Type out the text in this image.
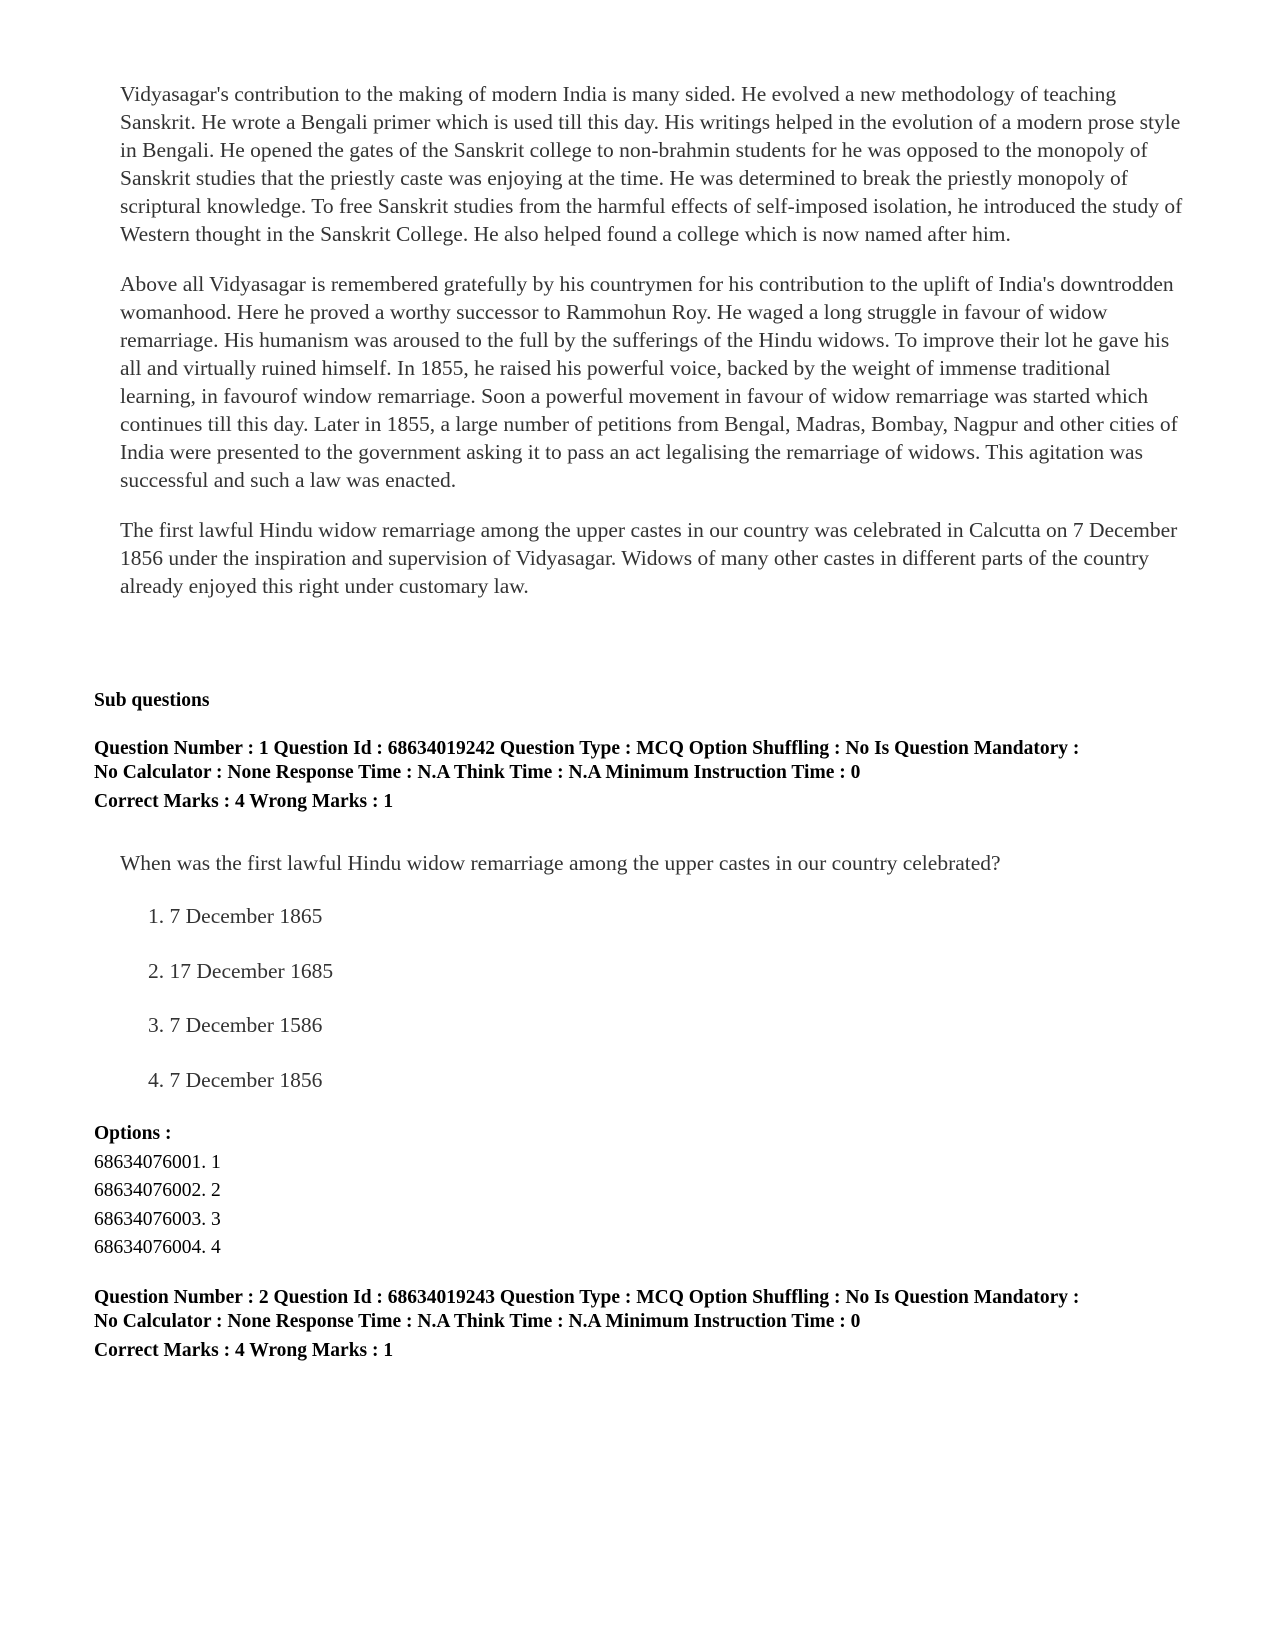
Vidyasagar's contribution to the making of modern India is many sided. He evolved a new methodology of teaching Sanskrit. He wrote a Bengali primer which is used till this day. His writings helped in the evolution of a modern prose style in Bengali. He opened the gates of the Sanskrit college to non-brahmin students for he was opposed to the monopoly of Sanskrit studies that the priestly caste was enjoying at the time. He was determined to break the priestly monopoly of scriptural knowledge. To free Sanskrit studies from the harmful effects of self-imposed isolation, he introduced the study of Western thought in the Sanskrit College. He also helped found a college which is now named after him.

Above all Vidyasagar is remembered gratefully by his countrymen for his contribution to the uplift of India's downtrodden womanhood. Here he proved a worthy successor to Rammohun Roy. He waged a long struggle in favour of widow remarriage. His humanism was aroused to the full by the sufferings of the Hindu widows. To improve their lot he gave his all and virtually ruined himself. In 1855, he raised his powerful voice, backed by the weight of immense traditional learning, in favourof window remarriage. Soon a powerful movement in favour of widow remarriage was started which continues till this day. Later in 1855, a large number of petitions from Bengal, Madras, Bombay, Nagpur and other cities of India were presented to the government asking it to pass an act legalising the remarriage of widows. This agitation was successful and such a law was enacted.

The first lawful Hindu widow remarriage among the upper castes in our country was celebrated in Calcutta on 7 December 1856 under the inspiration and supervision of Vidyasagar. Widows of many other castes in different parts of the country already enjoyed this right under customary law.

Sub questions
Question Number : 1 Question Id : 68634019242 Question Type : MCQ Option Shuffling : No Is Question Mandatory :
No Calculator : None Response Time : N.A Think Time : N.A Minimum Instruction Time : 0
Correct Marks : 4 Wrong Marks : 1
When was the first lawful Hindu widow remarriage among the upper castes in our country celebrated?
1. 7 December 1865
2. 17 December 1685
3. 7 December 1586
4. 7 December 1856
Options :
68634076001. 1
68634076002. 2
68634076003. 3
68634076004. 4
Question Number : 2 Question Id : 68634019243 Question Type : MCQ Option Shuffling : No Is Question Mandatory :
No Calculator : None Response Time : N.A Think Time : N.A Minimum Instruction Time : 0
Correct Marks : 4 Wrong Marks : 1
